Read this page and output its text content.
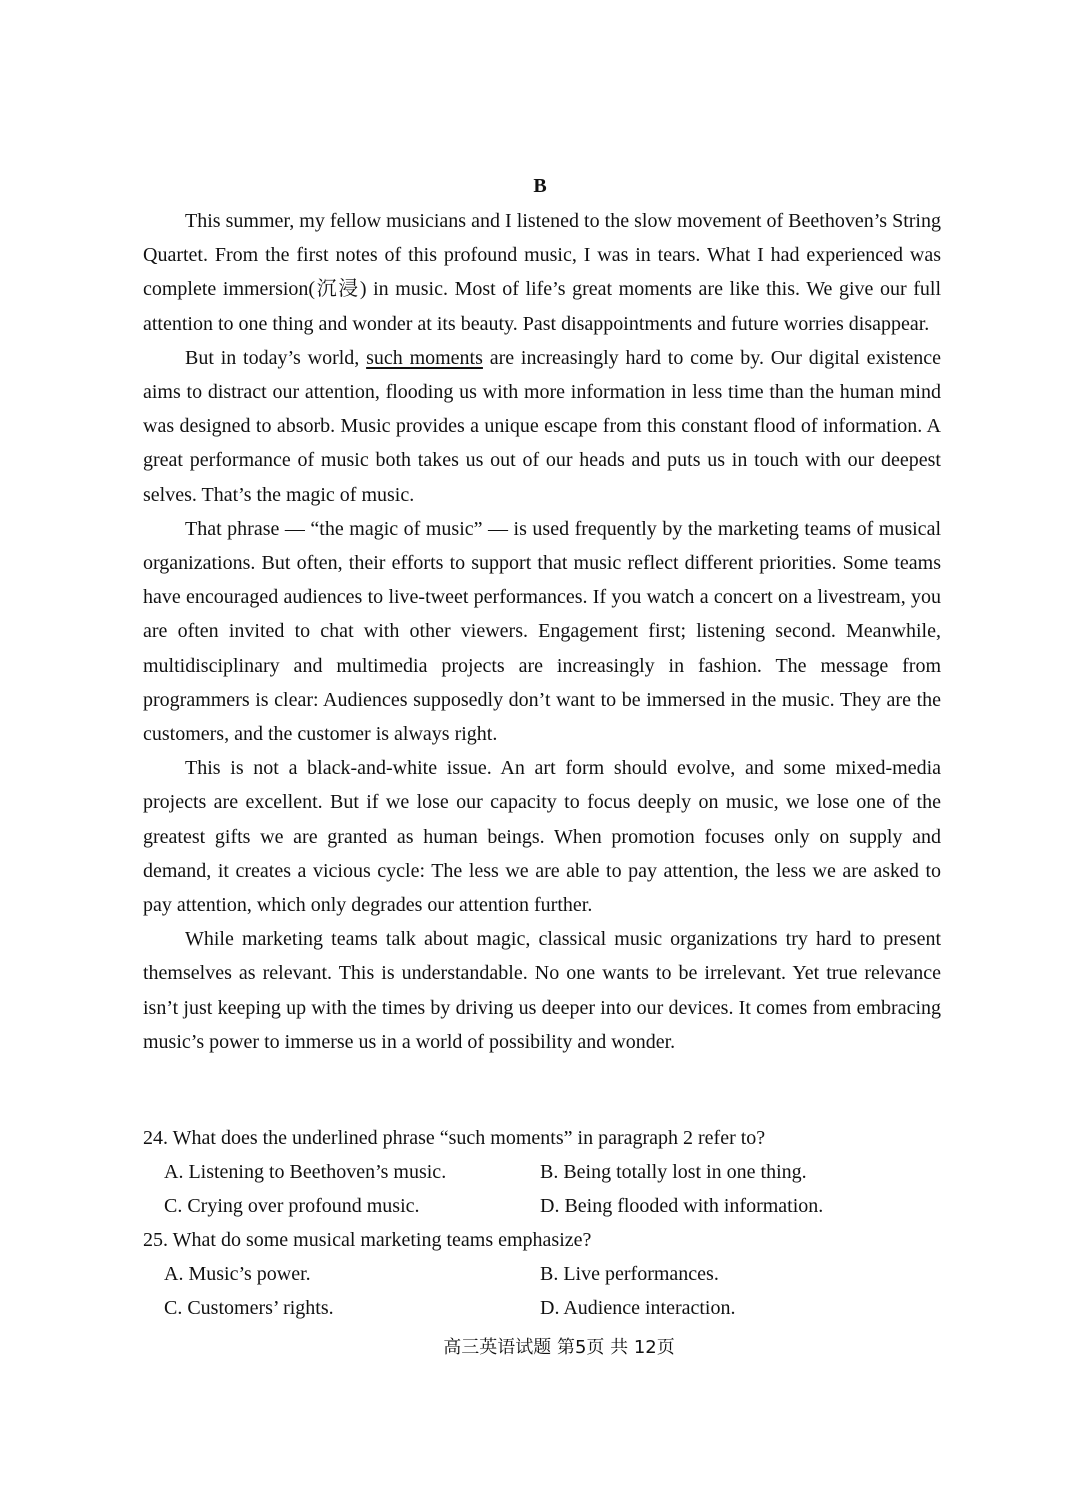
B

This summer, my fellow musicians and I listened to the slow movement of Beethoven’s String Quartet. From the first notes of this profound music, I was in tears. What I had experienced was complete immersion(沉浸) in music. Most of life’s great moments are like this. We give our full attention to one thing and wonder at its beauty. Past disappointments and future worries disappear.

But in today’s world, such moments are increasingly hard to come by. Our digital existence aims to distract our attention, flooding us with more information in less time than the human mind was designed to absorb. Music provides a unique escape from this constant flood of information. A great performance of music both takes us out of our heads and puts us in touch with our deepest selves. That’s the magic of music.

That phrase — “the magic of music” — is used frequently by the marketing teams of musical organizations. But often, their efforts to support that music reflect different priorities. Some teams have encouraged audiences to live-tweet performances. If you watch a concert on a livestream, you are often invited to chat with other viewers. Engagement first; listening second. Meanwhile, multidisciplinary and multimedia projects are increasingly in fashion. The message from programmers is clear: Audiences supposedly don’t want to be immersed in the music. They are the customers, and the customer is always right.

This is not a black-and-white issue. An art form should evolve, and some mixed-media projects are excellent. But if we lose our capacity to focus deeply on music, we lose one of the greatest gifts we are granted as human beings. When promotion focuses only on supply and demand, it creates a vicious cycle: The less we are able to pay attention, the less we are asked to pay attention, which only degrades our attention further.

While marketing teams talk about magic, classical music organizations try hard to present themselves as relevant. This is understandable. No one wants to be irrelevant. Yet true relevance isn’t just keeping up with the times by driving us deeper into our devices. It comes from embracing music’s power to immerse us in a world of possibility and wonder.

24. What does the underlined phrase “such moments” in paragraph 2 refer to?

A. Listening to Beethoven’s music.	B. Being totally lost in one thing.

C. Crying over profound music.	D. Being flooded with information.

25. What do some musical marketing teams emphasize?

A. Music’s power.	B. Live performances.

C. Customers’ rights.	D. Audience interaction.

高三英语试题 第5页 共 12页
